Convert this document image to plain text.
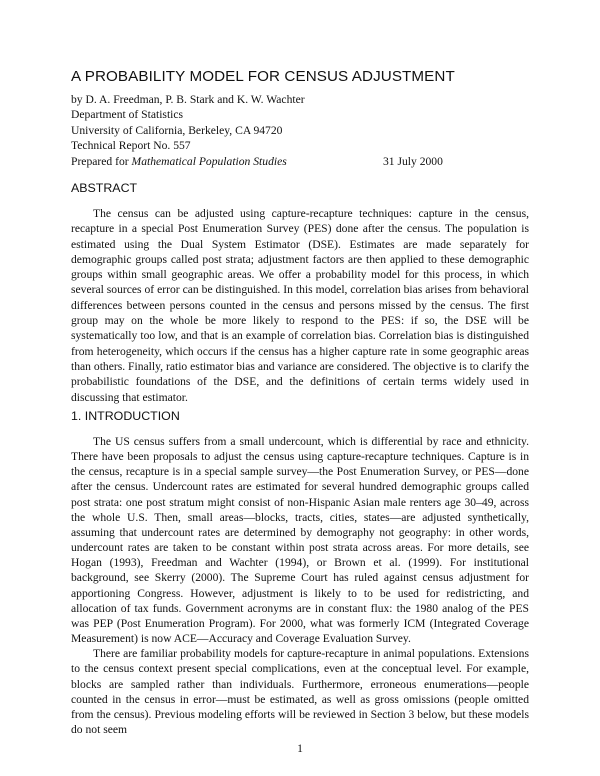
A PROBABILITY MODEL FOR CENSUS ADJUSTMENT
by D. A. Freedman, P. B. Stark and K. W. Wachter
Department of Statistics
University of California, Berkeley, CA 94720
Technical Report No. 557
Prepared for Mathematical Population Studies	31 July 2000
ABSTRACT

The census can be adjusted using capture-recapture techniques: capture in the census, recapture in a special Post Enumeration Survey (PES) done after the census. The population is estimated using the Dual System Estimator (DSE). Estimates are made separately for demographic groups called post strata; adjustment factors are then applied to these demographic groups within small geographic areas. We offer a probability model for this process, in which several sources of error can be distinguished. In this model, correlation bias arises from behavioral differences between persons counted in the census and persons missed by the census. The first group may on the whole be more likely to respond to the PES: if so, the DSE will be systematically too low, and that is an example of correlation bias. Correlation bias is distinguished from heterogeneity, which occurs if the census has a higher capture rate in some geographic areas than others. Finally, ratio estimator bias and variance are considered. The objective is to clarify the probabilistic foundations of the DSE, and the definitions of certain terms widely used in discussing that estimator.

1. INTRODUCTION

The US census suffers from a small undercount, which is differential by race and ethnicity. There have been proposals to adjust the census using capture-recapture techniques. Capture is in the census, recapture is in a special sample survey—the Post Enumeration Survey, or PES—done after the census. Undercount rates are estimated for several hundred demographic groups called post strata: one post stratum might consist of non-Hispanic Asian male renters age 30–49, across the whole U.S. Then, small areas—blocks, tracts, cities, states—are adjusted synthetically, assuming that undercount rates are determined by demography not geography: in other words, undercount rates are taken to be constant within post strata across areas. For more details, see Hogan (1993), Freedman and Wachter (1994), or Brown et al. (1999). For institutional background, see Skerry (2000). The Supreme Court has ruled against census adjustment for apportioning Congress. However, adjustment is likely to to be used for redistricting, and allocation of tax funds. Government acronyms are in constant flux: the 1980 analog of the PES was PEP (Post Enumeration Program). For 2000, what was formerly ICM (Integrated Coverage Measurement) is now ACE—Accuracy and Coverage Evaluation Survey.

There are familiar probability models for capture-recapture in animal populations. Extensions to the census context present special complications, even at the conceptual level. For example, blocks are sampled rather than individuals. Furthermore, erroneous enumerations—people counted in the census in error—must be estimated, as well as gross omissions (people omitted from the census). Previous modeling efforts will be reviewed in Section 3 below, but these models do not seem

1
